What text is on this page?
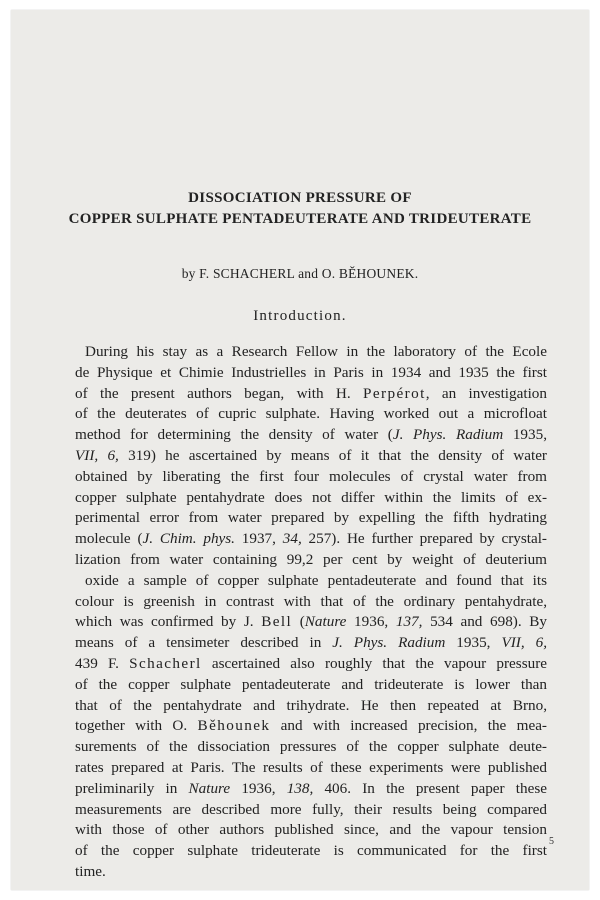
DISSOCIATION PRESSURE OF
COPPER SULPHATE PENTADEUTERATE AND TRIDEUTERATE
by F. SCHACHERL and O. BĚHOUNEK.
Introduction.
During his stay as a Research Fellow in the laboratory of the Ecole
de Physique et Chimie Industrielles in Paris in 1934 and 1935 the first
of the present authors began, with H. Perpérot, an investigation
of the deuterates of cupric sulphate. Having worked out a microfloat
method for determining the density of water (J. Phys. Radium 1935,
VII, 6, 319) he ascertained by means of it that the density of water
obtained by liberating the first four molecules of crystal water from
copper sulphate pentahydrate does not differ within the limits of ex-
perimental error from water prepared by expelling the fifth hydrating
molecule (J. Chim. phys. 1937, 34, 257). He further prepared by crystal-
lization from water containing 99,2 per cent by weight of deuterium
oxide a sample of copper sulphate pentadeuterate and found that its
colour is greenish in contrast with that of the ordinary pentahydrate,
which was confirmed by J. Bell (Nature 1936, 137, 534 and 698). By
means of a tensimeter described in J. Phys. Radium 1935, VII, 6,
439 F. Schacherl ascertained also roughly that the vapour pressure
of the copper sulphate pentadeuterate and trideuterate is lower than
that of the pentahydrate and trihydrate. He then repeated at Brno,
together with O. Běhounek and with increased precision, the mea-
surements of the dissociation pressures of the copper sulphate deute-
rates prepared at Paris. The results of these experiments were published
preliminarily in Nature 1936, 138, 406. In the present paper these
measurements are described more fully, their results being compared
with those of other authors published since, and the vapour tension
of the copper sulphate trideuterate is communicated for the first
time.
5
